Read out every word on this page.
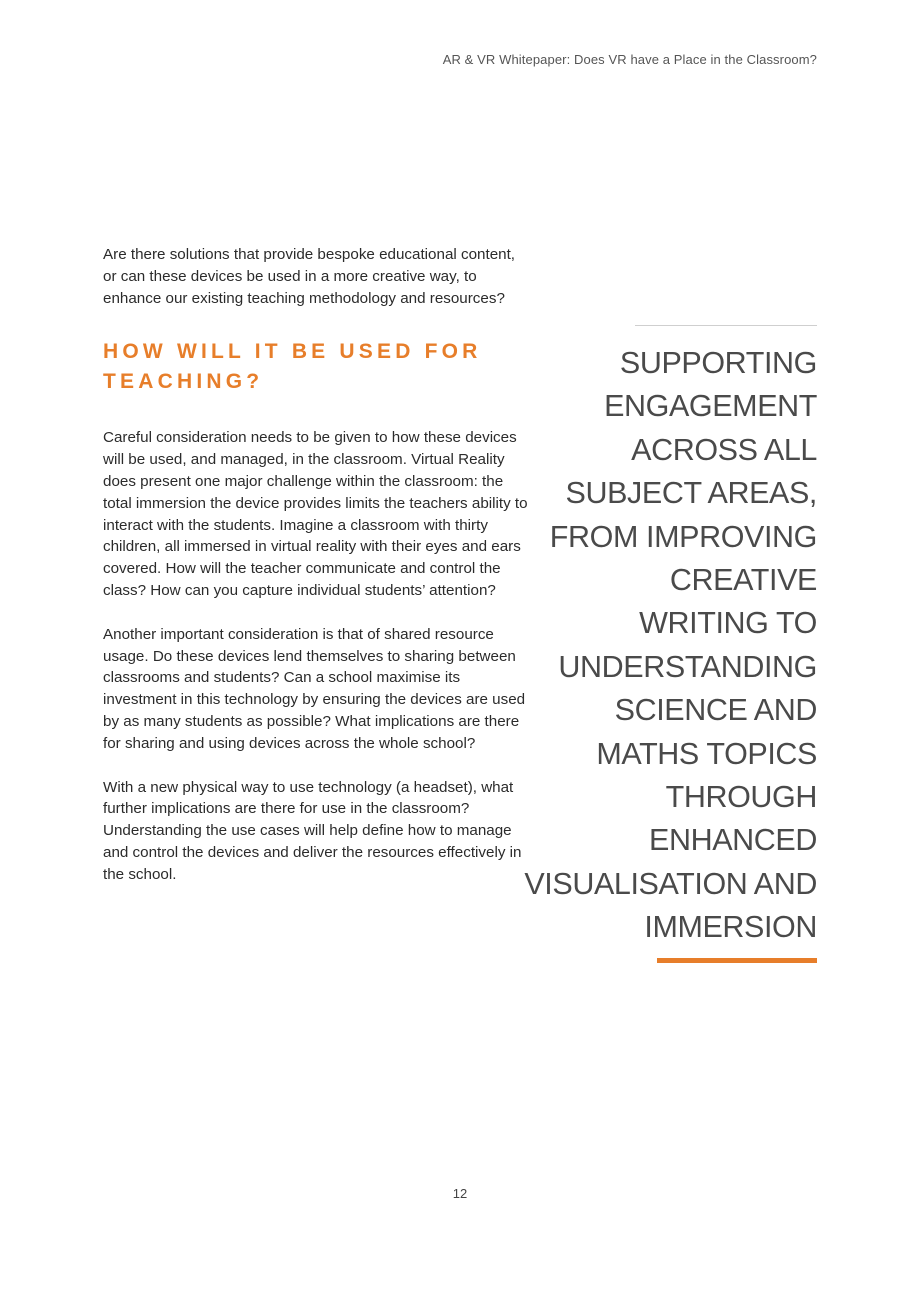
AR & VR Whitepaper: Does VR have a Place in the Classroom?

Are there solutions that provide bespoke educational content, or can these devices be used in a more creative way, to enhance our existing teaching methodology and resources?

HOW WILL IT BE USED FOR TEACHING?

Careful consideration needs to be given to how these devices will be used, and managed, in the classroom. Virtual Reality does present one major challenge within the classroom: the total immersion the device provides limits the teachers ability to interact with the students. Imagine a classroom with thirty children, all immersed in virtual reality with their eyes and ears covered. How will the teacher communicate and control the class? How can you capture individual students’ attention?

Another important consideration is that of shared resource usage. Do these devices lend themselves to sharing between classrooms and students? Can a school maximise its investment in this technology by ensuring the devices are used by as many students as possible? What implications are there for sharing and using devices across the whole school?

With a new physical way to use technology (a headset), what further implications are there for use in the classroom? Understanding the use cases will help define how to manage and control the devices and deliver the resources effectively in the school.

SUPPORTING
ENGAGEMENT
ACROSS ALL
SUBJECT AREAS,
FROM IMPROVING
CREATIVE
WRITING TO
UNDERSTANDING
SCIENCE AND
MATHS TOPICS
THROUGH
ENHANCED
VISUALISATION AND
IMMERSION

12
